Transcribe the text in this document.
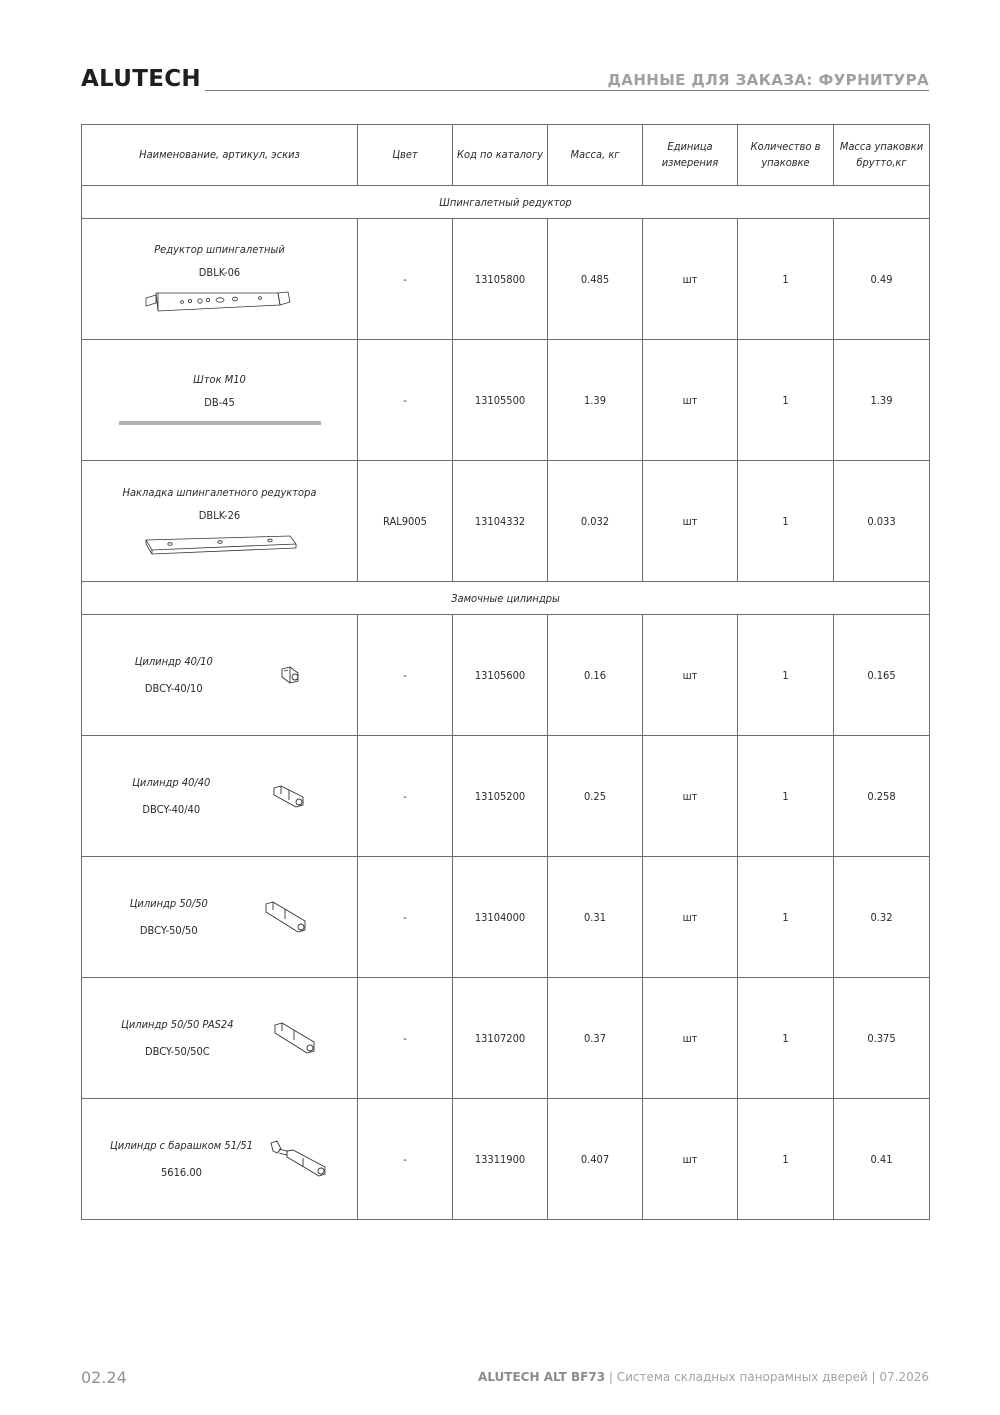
ALUTECH	ДАННЫЕ ДЛЯ ЗАКАЗА: ФУРНИТУРА
Наименование, артикул, эскиз	Цвет	Код по каталогу	Масса, кг	Единица измерения	Количество в упаковке	Масса упаковки брутто,кг
Шпингалетный редуктор						

Редуктор шпингалетный
DBLK-06	-	13105800	0.485	шт	1	0.49

Шток М10
DB-45	-	13105500	1.39	шт	1	1.39

Накладка шпингалетного редуктора
DBLK-26	RAL9005	13104332	0.032	шт	1	0.033
Замочные цилиндры						

Цилиндр 40/10
DBCY-40/10	-	13105600	0.16	шт	1	0.165

Цилиндр 40/40
DBCY-40/40	-	13105200	0.25	шт	1	0.258

Цилиндр 50/50
DBCY-50/50	-	13104000	0.31	шт	1	0.32

Цилиндр 50/50 PAS24
DBCY-50/50C	-	13107200	0.37	шт	1	0.375

Цилиндр с барашком 51/51
5616.00	-	13311900	0.407	шт	1	0.41
02.24	ALUTECH ALT BF73 | Система складных панорамных дверей | 07.2026
